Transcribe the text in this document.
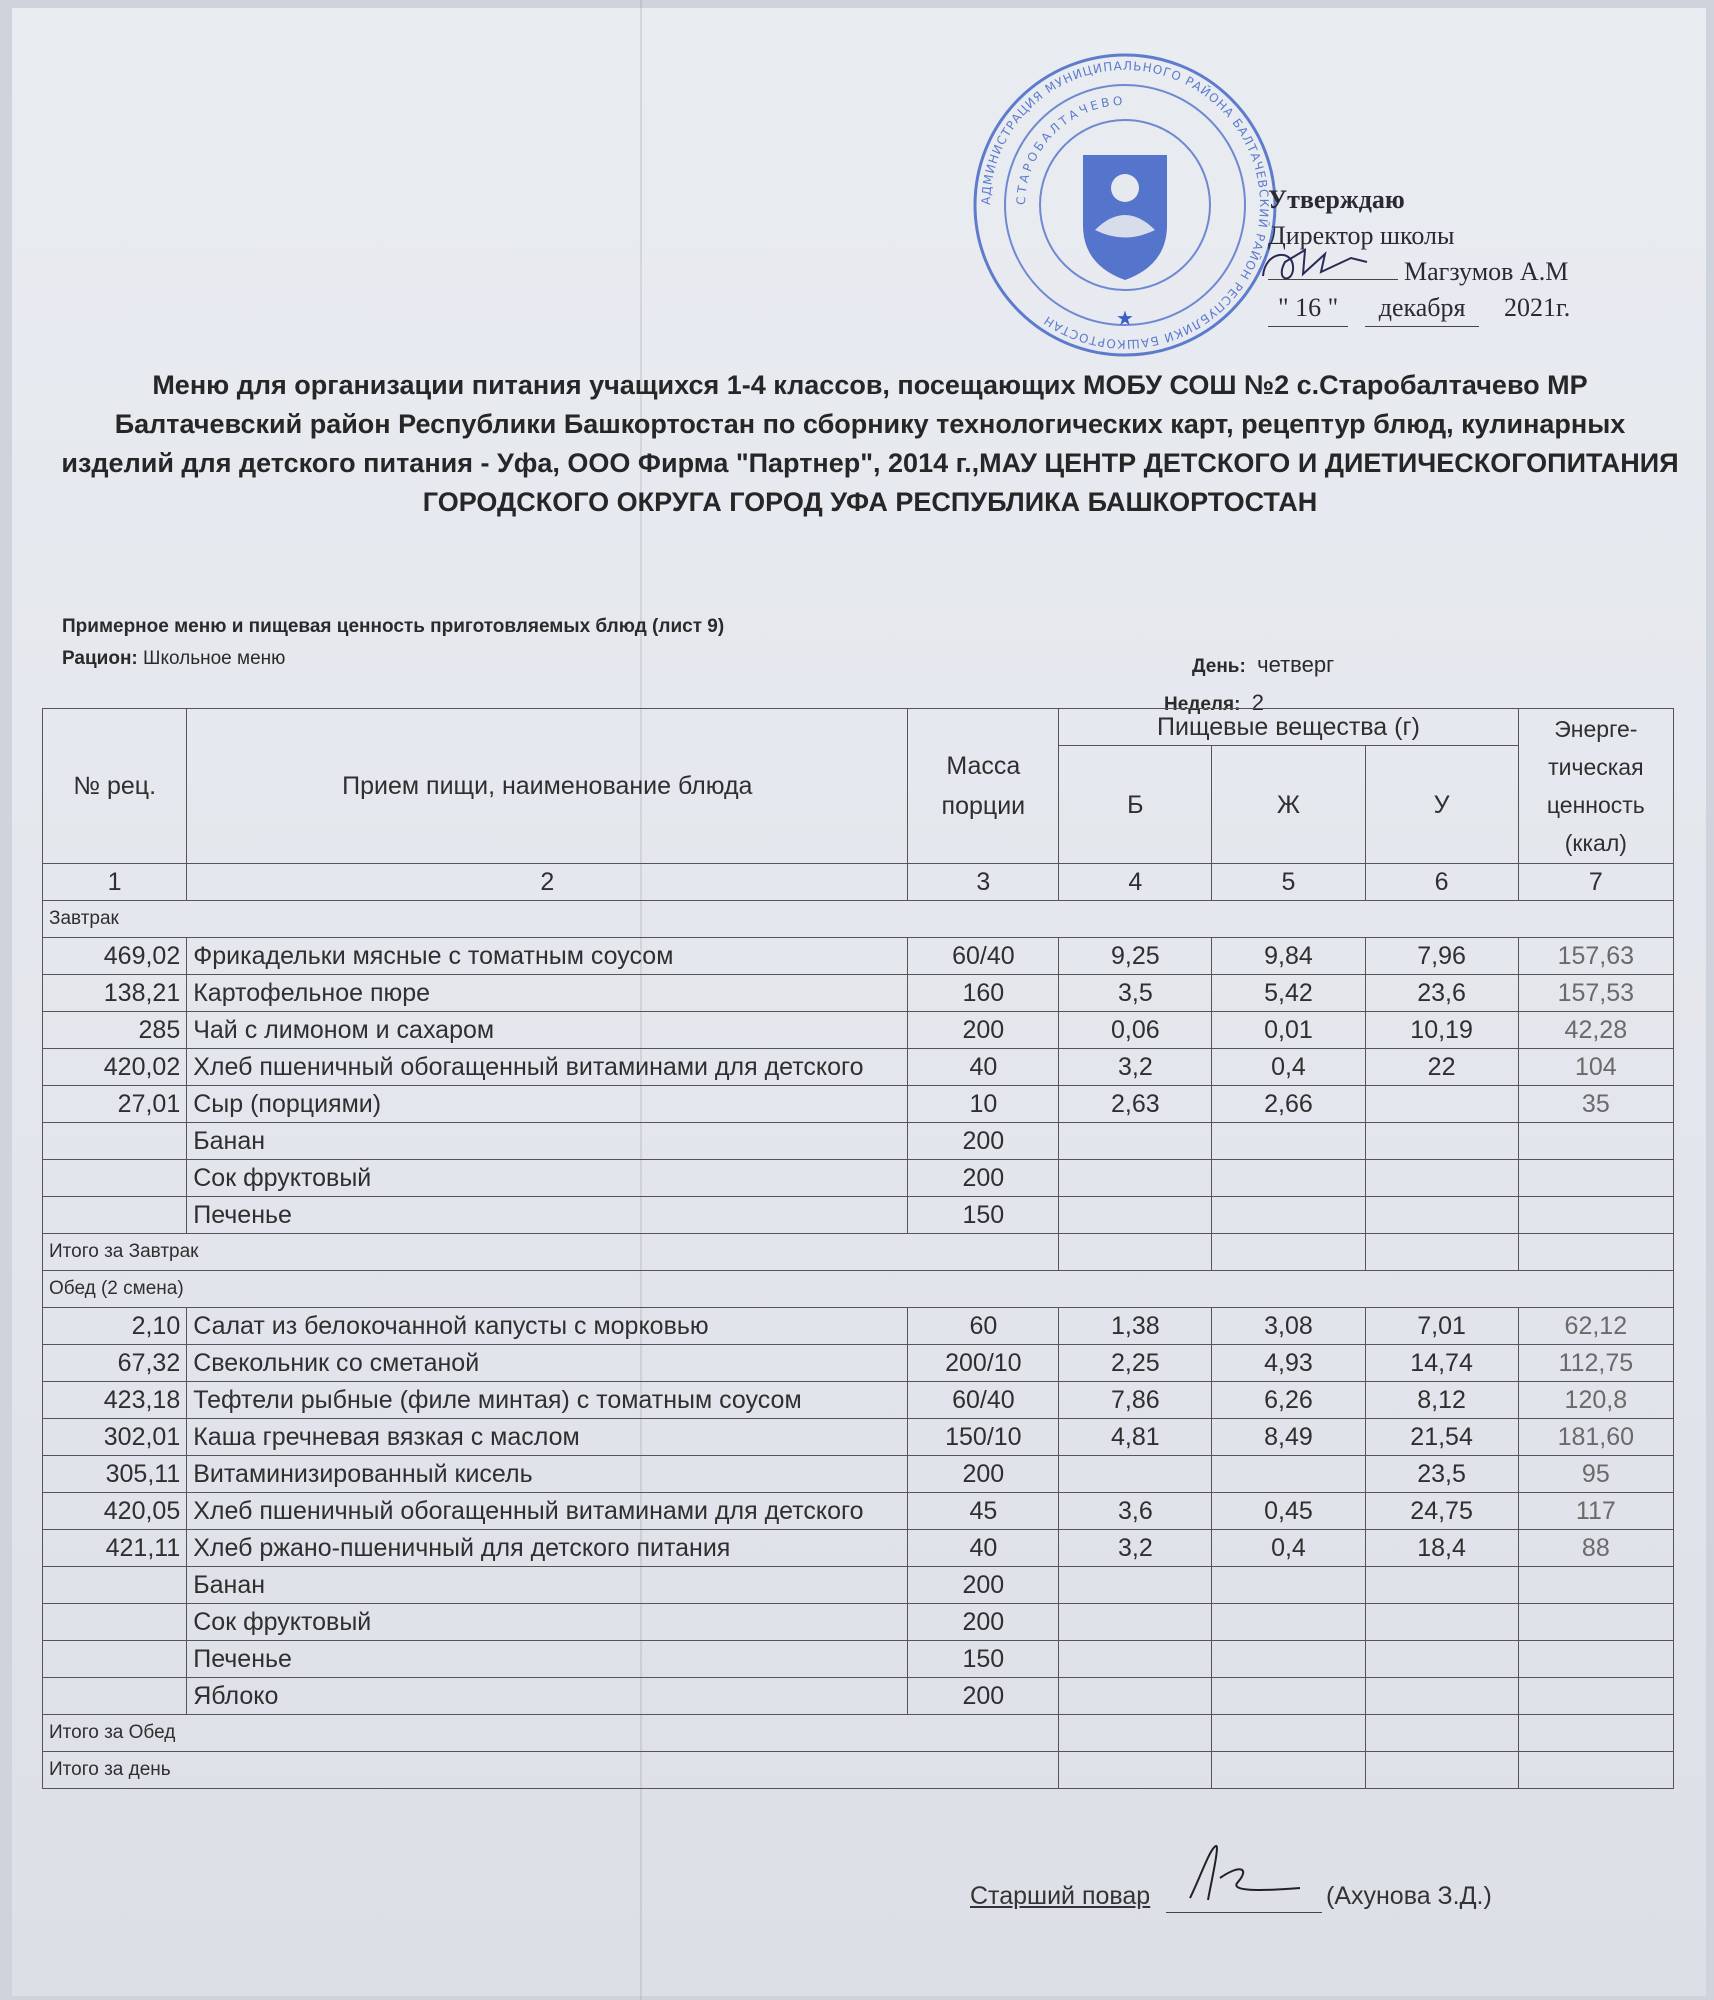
АДМИНИСТРАЦИЯ МУНИЦИПАЛЬНОГО РАЙОНА БАЛТАЧЕВСКИЙ РАЙОН РЕСПУБЛИКИ БАШКОРТОСТАН
СТАРОБАЛТАЧЕВО
★
Утверждаю
Директор школы
Магзумов А.М
" 16 " декабря 2021г.
Меню для организации питания учащихся 1-4 классов, посещающих МОБУ СОШ №2 с.Старобалтачево МР Балтачевский район Республики Башкортостан по сборнику технологических карт, рецептур блюд, кулинарных изделий для детского питания - Уфа, ООО Фирма "Партнер", 2014 г.,МАУ ЦЕНТР ДЕТСКОГО И ДИЕТИЧЕСКОГОПИТАНИЯ ГОРОДСКОГО ОКРУГА ГОРОД УФА РЕСПУБЛИКА БАШКОРТОСТАН
Примерное меню и пищевая ценность приготовляемых блюд (лист 9)
Рацион: Школьное меню	День: четверг
Неделя: 2
№ рец.	Прием пищи, наименование блюда	Масса порции	Пищевые вещества (г)			Энерге-тическая ценность (ккал)
			Б	Ж	У	
1	2	3	4	5	6	7
Завтрак						
469,02	Фрикадельки мясные с томатным соусом	60/40	9,25	9,84	7,96	157,63
138,21	Картофельное пюре	160	3,5	5,42	23,6	157,53
285	Чай с лимоном и сахаром	200	0,06	0,01	10,19	42,28
420,02	Хлеб пшеничный обогащенный витаминами для детского	40	3,2	0,4	22	104
27,01	Сыр (порциями)	10	2,63	2,66		35
	Банан	200				
	Сок фруктовый	200				
	Печенье	150				
Итого за Завтрак						
Обед (2 смена)						
2,10	Салат из белокочанной капусты с морковью	60	1,38	3,08	7,01	62,12
67,32	Свекольник со сметаной	200/10	2,25	4,93	14,74	112,75
423,18	Тефтели рыбные (филе минтая) с томатным соусом	60/40	7,86	6,26	8,12	120,8
302,01	Каша гречневая вязкая с маслом	150/10	4,81	8,49	21,54	181,60
305,11	Витаминизированный кисель	200			23,5	95
420,05	Хлеб пшеничный обогащенный витаминами для детского	45	3,6	0,45	24,75	117
421,11	Хлеб ржано-пшеничный для детского питания	40	3,2	0,4	18,4	88
	Банан	200				
	Сок фруктовый	200				
	Печенье	150				
	Яблоко	200				
Итого за Обед						
Итого за день						
Старший повар	(Ахунова З.Д.)
